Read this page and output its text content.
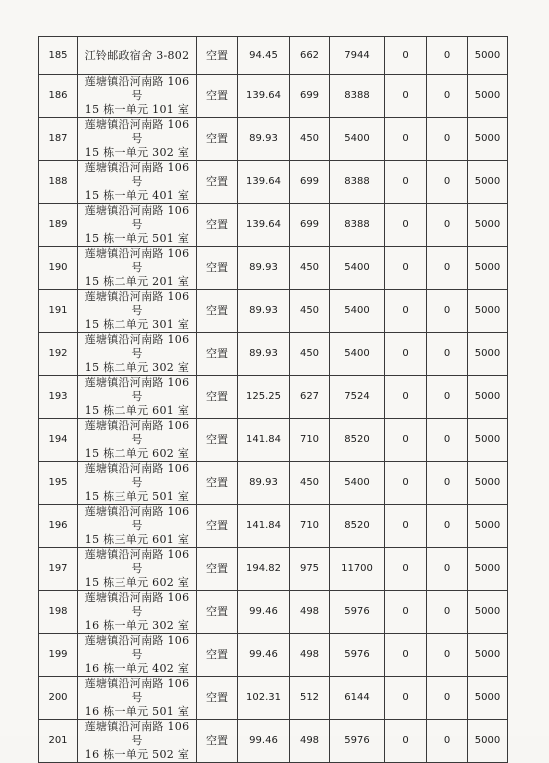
185	江铃邮政宿舍 3-802	空置	94.45	662	7944	0	0	5000
186	莲塘镇沿河南路 106 号
15 栋一单元 101 室	空置	139.64	699	8388	0	0	5000
187	莲塘镇沿河南路 106 号
15 栋一单元 302 室	空置	89.93	450	5400	0	0	5000
188	莲塘镇沿河南路 106 号
15 栋一单元 401 室	空置	139.64	699	8388	0	0	5000
189	莲塘镇沿河南路 106 号
15 栋一单元 501 室	空置	139.64	699	8388	0	0	5000
190	莲塘镇沿河南路 106 号
15 栋二单元 201 室	空置	89.93	450	5400	0	0	5000
191	莲塘镇沿河南路 106 号
15 栋二单元 301 室	空置	89.93	450	5400	0	0	5000
192	莲塘镇沿河南路 106 号
15 栋二单元 302 室	空置	89.93	450	5400	0	0	5000
193	莲塘镇沿河南路 106 号
15 栋二单元 601 室	空置	125.25	627	7524	0	0	5000
194	莲塘镇沿河南路 106 号
15 栋二单元 602 室	空置	141.84	710	8520	0	0	5000
195	莲塘镇沿河南路 106 号
15 栋三单元 501 室	空置	89.93	450	5400	0	0	5000
196	莲塘镇沿河南路 106 号
15 栋三单元 601 室	空置	141.84	710	8520	0	0	5000
197	莲塘镇沿河南路 106 号
15 栋三单元 602 室	空置	194.82	975	11700	0	0	5000
198	莲塘镇沿河南路 106 号
16 栋一单元 302 室	空置	99.46	498	5976	0	0	5000
199	莲塘镇沿河南路 106 号
16 栋一单元 402 室	空置	99.46	498	5976	0	0	5000
200	莲塘镇沿河南路 106 号
16 栋一单元 501 室	空置	102.31	512	6144	0	0	5000
201	莲塘镇沿河南路 106 号
16 栋一单元 502 室	空置	99.46	498	5976	0	0	5000
